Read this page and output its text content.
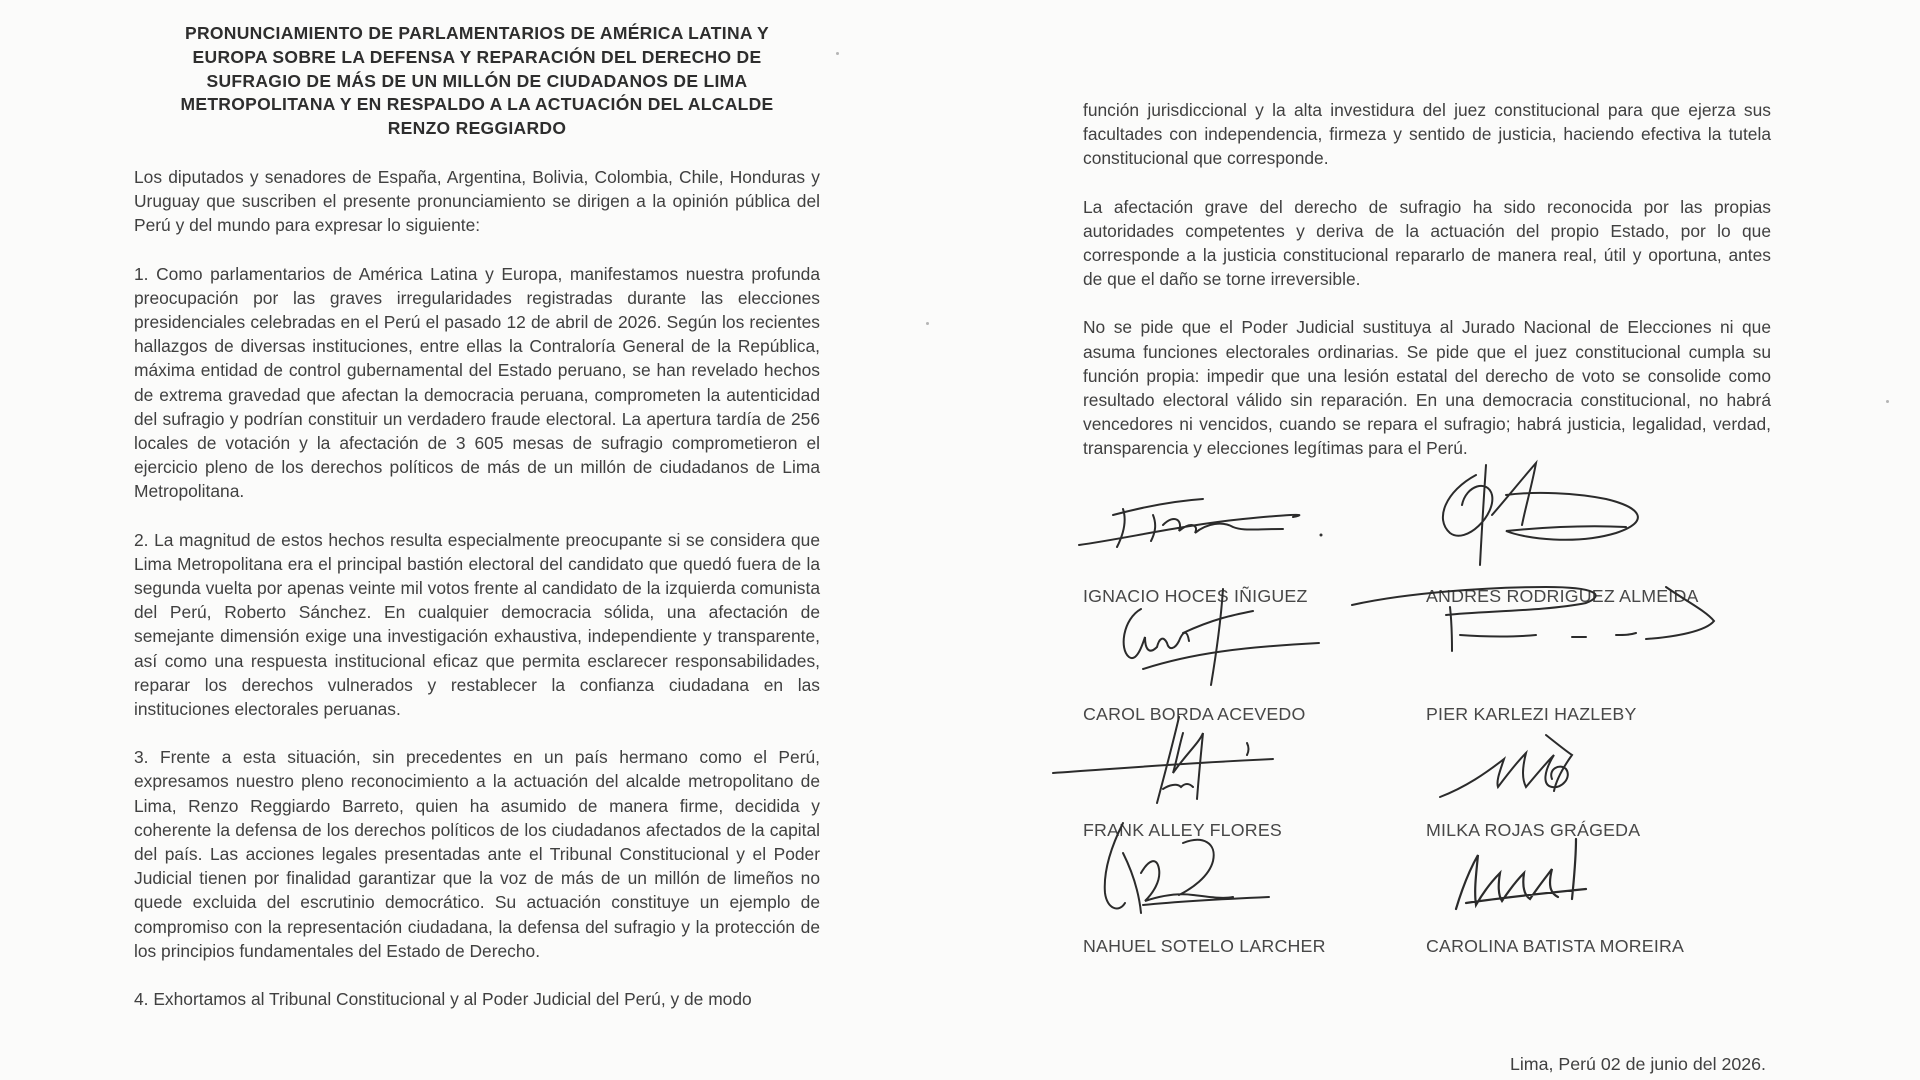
PRONUNCIAMIENTO DE PARLAMENTARIOS DE AMÉRICA LATINA Y EUROPA SOBRE LA DEFENSA Y REPARACIÓN DEL DERECHO DE SUFRAGIO DE MÁS DE UN MILLÓN DE CIUDADANOS DE LIMA METROPOLITANA Y EN RESPALDO A LA ACTUACIÓN DEL ALCALDE RENZO REGGIARDO

Los diputados y senadores de España, Argentina, Bolivia, Colombia, Chile, Honduras y Uruguay que suscriben el presente pronunciamiento se dirigen a la opinión pública del Perú y del mundo para expresar lo siguiente:

1. Como parlamentarios de América Latina y Europa, manifestamos nuestra profunda preocupación por las graves irregularidades registradas durante las elecciones presidenciales celebradas en el Perú el pasado 12 de abril de 2026. Según los recientes hallazgos de diversas instituciones, entre ellas la Contraloría General de la República, máxima entidad de control gubernamental del Estado peruano, se han revelado hechos de extrema gravedad que afectan la democracia peruana, comprometen la autenticidad del sufragio y podrían constituir un verdadero fraude electoral. La apertura tardía de 256 locales de votación y la afectación de 3 605 mesas de sufragio comprometieron el ejercicio pleno de los derechos políticos de más de un millón de ciudadanos de Lima Metropolitana.

2. La magnitud de estos hechos resulta especialmente preocupante si se considera que Lima Metropolitana era el principal bastión electoral del candidato que quedó fuera de la segunda vuelta por apenas veinte mil votos frente al candidato de la izquierda comunista del Perú, Roberto Sánchez. En cualquier democracia sólida, una afectación de semejante dimensión exige una investigación exhaustiva, independiente y transparente, así como una respuesta institucional eficaz que permita esclarecer responsabilidades, reparar los derechos vulnerados y restablecer la confianza ciudadana en las instituciones electorales peruanas.

3. Frente a esta situación, sin precedentes en un país hermano como el Perú, expresamos nuestro pleno reconocimiento a la actuación del alcalde metropolitano de Lima, Renzo Reggiardo Barreto, quien ha asumido de manera firme, decidida y coherente la defensa de los derechos políticos de los ciudadanos afectados de la capital del país. Las acciones legales presentadas ante el Tribunal Constitucional y el Poder Judicial tienen por finalidad garantizar que la voz de más de un millón de limeños no quede excluida del escrutinio democrático. Su actuación constituye un ejemplo de compromiso con la representación ciudadana, la defensa del sufragio y la protección de los principios fundamentales del Estado de Derecho.

4. Exhortamos al Tribunal Constitucional y al Poder Judicial del Perú, y de modo

función jurisdiccional y la alta investidura del juez constitucional para que ejerza sus facultades con independencia, firmeza y sentido de justicia, haciendo efectiva la tutela constitucional que corresponde.

La afectación grave del derecho de sufragio ha sido reconocida por las propias autoridades competentes y deriva de la actuación del propio Estado, por lo que corresponde a la justicia constitucional repararlo de manera real, útil y oportuna, antes de que el daño se torne irreversible.

No se pide que el Poder Judicial sustituya al Jurado Nacional de Elecciones ni que asuma funciones electorales ordinarias. Se pide que el juez constitucional cumpla su función propia: impedir que una lesión estatal del derecho de voto se consolide como resultado electoral válido sin reparación. En una democracia constitucional, no habrá vencedores ni vencidos, cuando se repara el sufragio; habrá justicia, legalidad, verdad, transparencia y elecciones legítimas para el Perú.

IGNACIO HOCES IÑIGUEZ	ANDRES RODRIGUEZ ALMEIDA
CAROL BORDA ACEVEDO	PIER KARLEZI HAZLEBY
FRANK ALLEY FLORES	MILKA ROJAS GRÁGEDA
NAHUEL SOTELO LARCHER	CAROLINA BATISTA MOREIRA
Lima, Perú 02 de junio del 2026.
